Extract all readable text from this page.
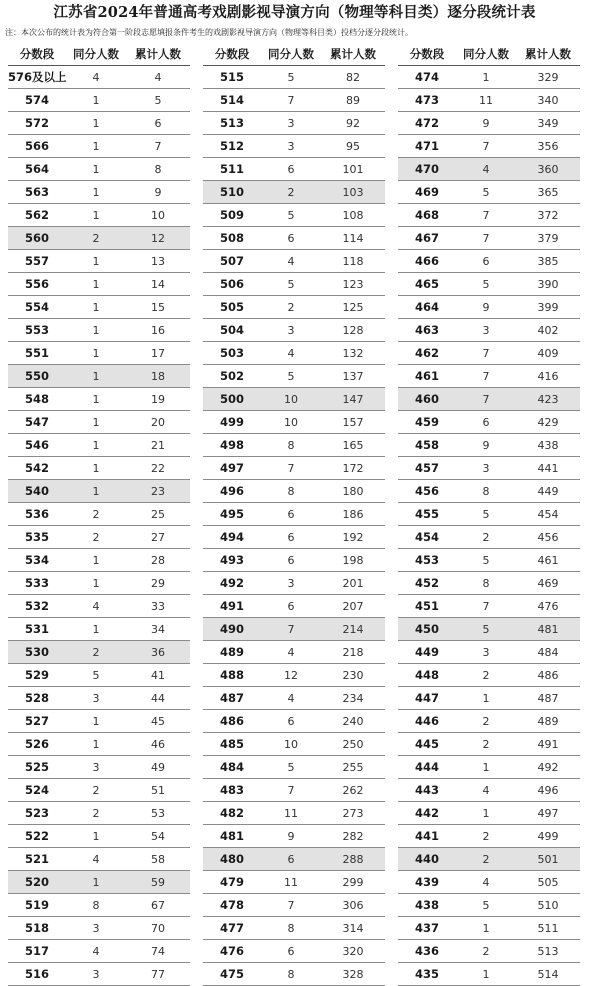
江苏省2024年普通高考戏剧影视导演方向（物理等科目类）逐分段统计表
注：本次公布的统计表为符合第一阶段志愿填报条件考生的戏剧影视导演方向（物理等科目类）投档分逐分段统计。
分数段	同分人数	累计人数
576及以上	4	4
574	1	5
572	1	6
566	1	7
564	1	8
563	1	9
562	1	10
560	2	12
557	1	13
556	1	14
554	1	15
553	1	16
551	1	17
550	1	18
548	1	19
547	1	20
546	1	21
542	1	22
540	1	23
536	2	25
535	2	27
534	1	28
533	1	29
532	4	33
531	1	34
530	2	36
529	5	41
528	3	44
527	1	45
526	1	46
525	3	49
524	2	51
523	2	53
522	1	54
521	4	58
520	1	59
519	8	67
518	3	70
517	4	74
516	3	77
分数段	同分人数	累计人数
515	5	82
514	7	89
513	3	92
512	3	95
511	6	101
510	2	103
509	5	108
508	6	114
507	4	118
506	5	123
505	2	125
504	3	128
503	4	132
502	5	137
500	10	147
499	10	157
498	8	165
497	7	172
496	8	180
495	6	186
494	6	192
493	6	198
492	3	201
491	6	207
490	7	214
489	4	218
488	12	230
487	4	234
486	6	240
485	10	250
484	5	255
483	7	262
482	11	273
481	9	282
480	6	288
479	11	299
478	7	306
477	8	314
476	6	320
475	8	328
分数段	同分人数	累计人数
474	1	329
473	11	340
472	9	349
471	7	356
470	4	360
469	5	365
468	7	372
467	7	379
466	6	385
465	5	390
464	9	399
463	3	402
462	7	409
461	7	416
460	7	423
459	6	429
458	9	438
457	3	441
456	8	449
455	5	454
454	2	456
453	5	461
452	8	469
451	7	476
450	5	481
449	3	484
448	2	486
447	1	487
446	2	489
445	2	491
444	1	492
443	4	496
442	1	497
441	2	499
440	2	501
439	4	505
438	5	510
437	1	511
436	2	513
435	1	514
